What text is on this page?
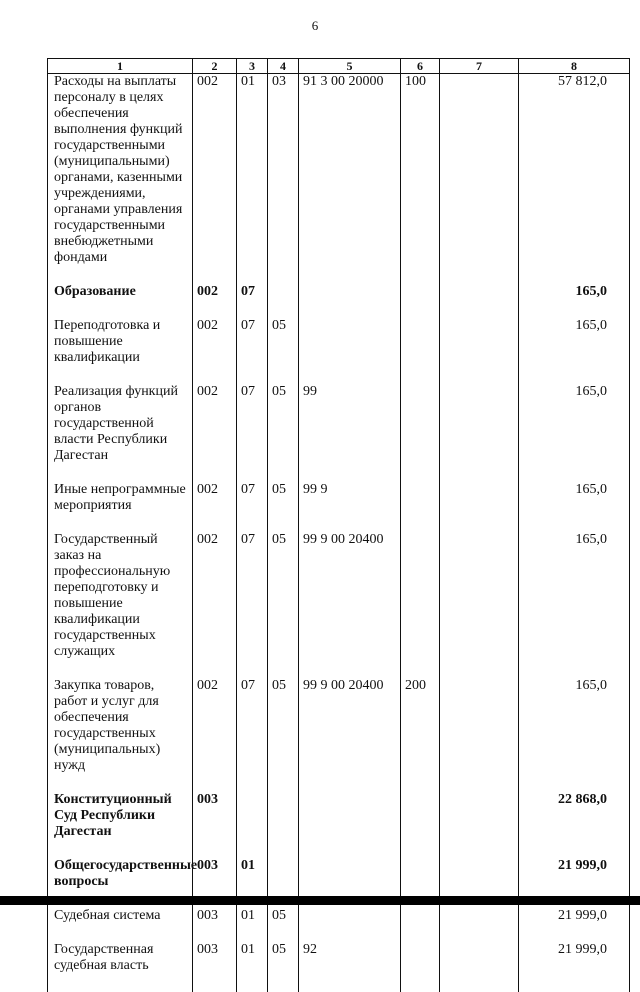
6
1	2	3	4	5	6	7	8
Расходы на выплаты персоналу в целях обеспечения выполнения функций государственными (муниципальными) органами, казенными учреждениями, органами управления государственными внебюджетными фондами	002	01	03	91 3 00 20000	100		57 812,0
Образование	002	07					165,0
Переподготовка и повышение квалификации	002	07	05				165,0
Реализация функций органов государственной власти Республики Дагестан	002	07	05	99			165,0
Иные непрограммные мероприятия	002	07	05	99 9			165,0
Государственный заказ на профессиональную переподготовку и повышение квалификации государственных служащих	002	07	05	99 9 00 20400			165,0
Закупка товаров, работ и услуг для обеспечения государственных (муниципальных) нужд	002	07	05	99 9 00 20400	200		165,0
Конституционный Суд Республики Дагестан	003						22 868,0
Общегосударственные вопросы	003	01					21 999,0
Судебная система	003	01	05				21 999,0
Государственная судебная власть	003	01	05	92			21 999,0
